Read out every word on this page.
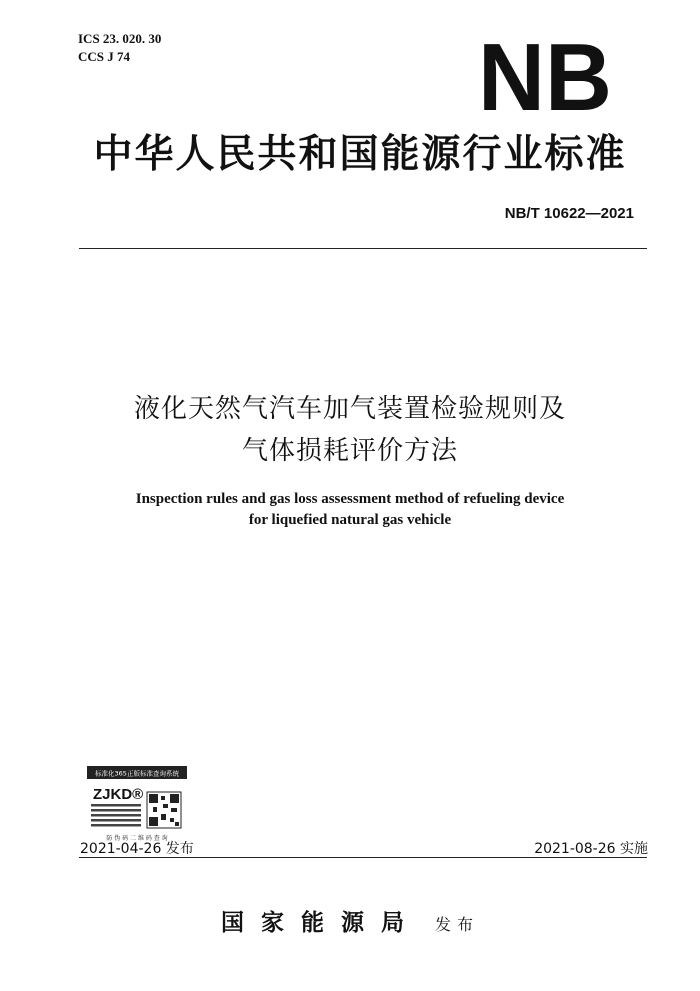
ICS 23. 020. 30
CCS J 74	NB
中华人民共和国能源行业标准
NB/T 10622—2021
液化天然气汽车加气装置检验规则及
气体损耗评价方法
Inspection rules and gas loss assessment method of refueling device
for liquefied natural gas vehicle
标准化365正版标准查询系统
ZJKD®
防 伪 码 二 维 码 查 询
2021-04-26 发布	2021-08-26 实施
国家能源局 发布
